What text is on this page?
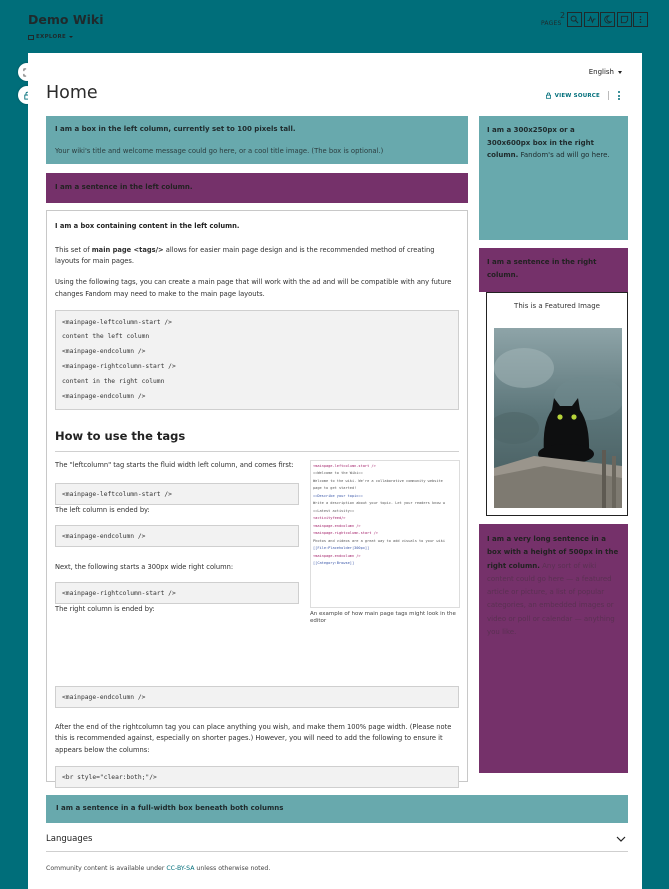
Demo Wiki
EXPLORE
2
PAGES
English
Home	VIEW SOURCE

I am a box in the left column, currently set to 100 pixels tall.

Your wiki's title and welcome message could go here, or a cool title image. (The box is optional.)

I am a sentence in the left column.
I am a box containing content in the left column.

This set of main page <tags/> allows for easier main page design and is the recommended method of creating layouts for main pages.

Using the following tags, you can create a main page that will work with the ad and will be compatible with any future changes Fandom may need to make to the main page layouts.

<mainpage-leftcolumn-start />
content the left column
<mainpage-endcolumn />
<mainpage-rightcolumn-start />
content in the right column
<mainpage-endcolumn />
How to use the tags

The "leftcolumn" tag starts the fluid width left column, and comes first:

<mainpage-leftcolumn-start />

The left column is ended by:

<mainpage-endcolumn />

Next, the following starts a 300px wide right column:

<mainpage-rightcolumn-start />

The right column is ended by:

<mainpage-leftcolumn-start />
==Welcome to the Wiki==
Welcome to the wiki. We're a collaborative community website
page to get started!
==Describe your topic==
Write a description about your topic. Let your readers know w
==Latest activity==
<activityfeed/>
<mainpage-endcolumn />
<mainpage-rightcolumn-start />
Photos and videos are a great way to add visuals to your wiki
[[File:Placeholder|300px]]
<mainpage-endcolumn />
[[Category:Browse]]
An example of how main page tags might look in the editor
<mainpage-endcolumn />

After the end of the rightcolumn tag you can place anything you wish, and make them 100% page width. (Please note this is recommended against, especially on shorter pages.) However, you will need to add the following to ensure it appears below the columns:

<br style="clear:both;"/>
I am a 300x250px or a 300x600px box in the right column. Fandom's ad will go here.
I am a sentence in the right column.
This is a Featured Image
I am a very long sentence in a box with a height of 500px in the right column. Any sort of wiki content could go here — a featured article or picture, a list of popular categories, an embedded images or video or poll or calendar — anything you like.
I am a sentence in a full-width box beneath both columns
Languages
Community content is available under CC-BY-SA unless otherwise noted.
